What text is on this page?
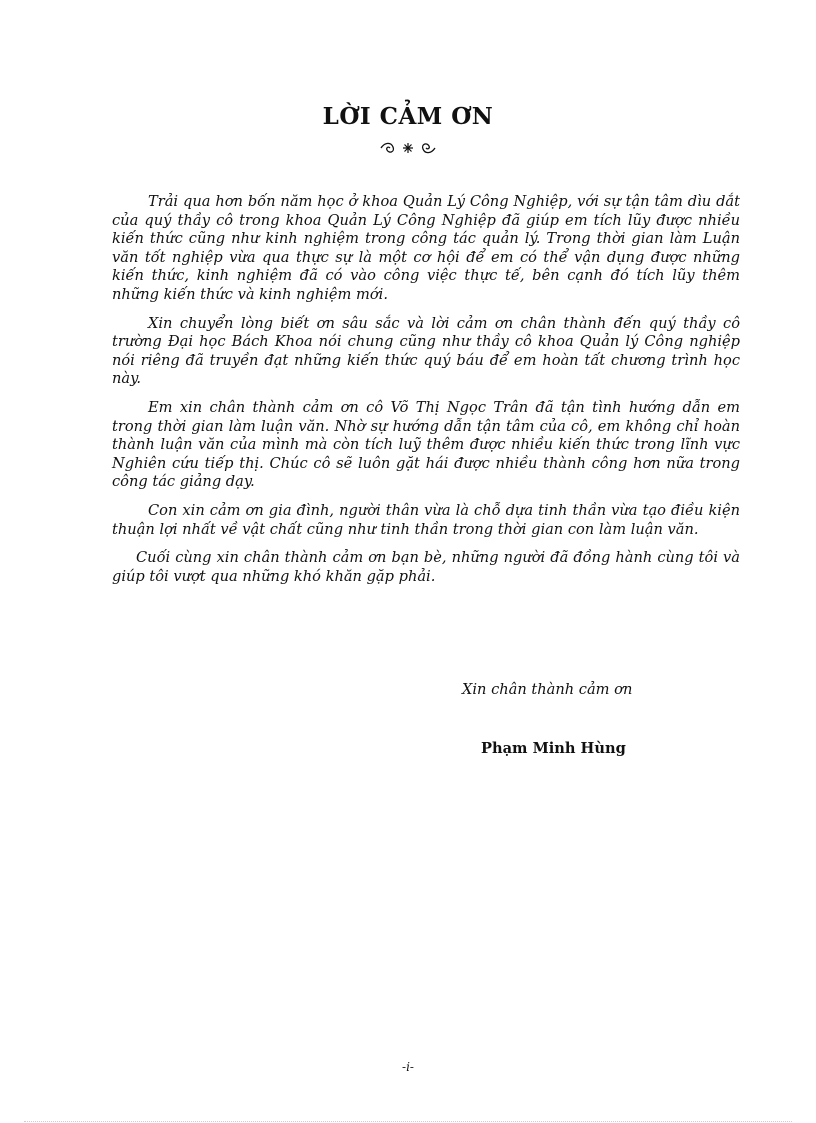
LỜI CẢM ƠN

Trải qua hơn bốn năm học ở khoa Quản Lý Công Nghiệp, với sự tận tâm dìu dắt của quý thầy cô trong khoa Quản Lý Công Nghiệp đã giúp em tích lũy được nhiều kiến thức cũng như kinh nghiệm trong công tác quản lý. Trong thời gian làm Luận văn tốt nghiệp vừa qua thực sự là một cơ hội để em có thể vận dụng được những kiến thức, kinh nghiệm đã có vào công việc thực tế, bên cạnh đó tích lũy thêm những kiến thức và kinh nghiệm mới.

Xin chuyển lòng biết ơn sâu sắc và lời cảm ơn chân thành đến quý thầy cô trường Đại học Bách Khoa nói chung cũng như thầy cô khoa Quản lý Công nghiệp nói riêng đã truyền đạt những kiến thức quý báu để em hoàn tất chương trình học này.

Em xin chân thành cảm ơn cô Võ Thị Ngọc Trân đã tận tình hướng dẫn em trong thời gian làm luận văn. Nhờ sự hướng dẫn tận tâm của cô, em không chỉ hoàn thành luận văn của mình mà còn tích luỹ thêm được nhiều kiến thức trong lĩnh vực Nghiên cứu tiếp thị. Chúc cô sẽ luôn gặt hái được nhiều thành công hơn nữa trong công tác giảng dạy.

Con xin cảm ơn gia đình, người thân vừa là chỗ dựa tinh thần vừa tạo điều kiện thuận lợi nhất về vật chất cũng như tinh thần trong thời gian con làm luận văn.

Cuối cùng xin chân thành cảm ơn bạn bè, những người đã đồng hành cùng tôi và giúp tôi vượt qua những khó khăn gặp phải.

Xin chân thành cảm ơn
Phạm Minh Hùng
-i-
